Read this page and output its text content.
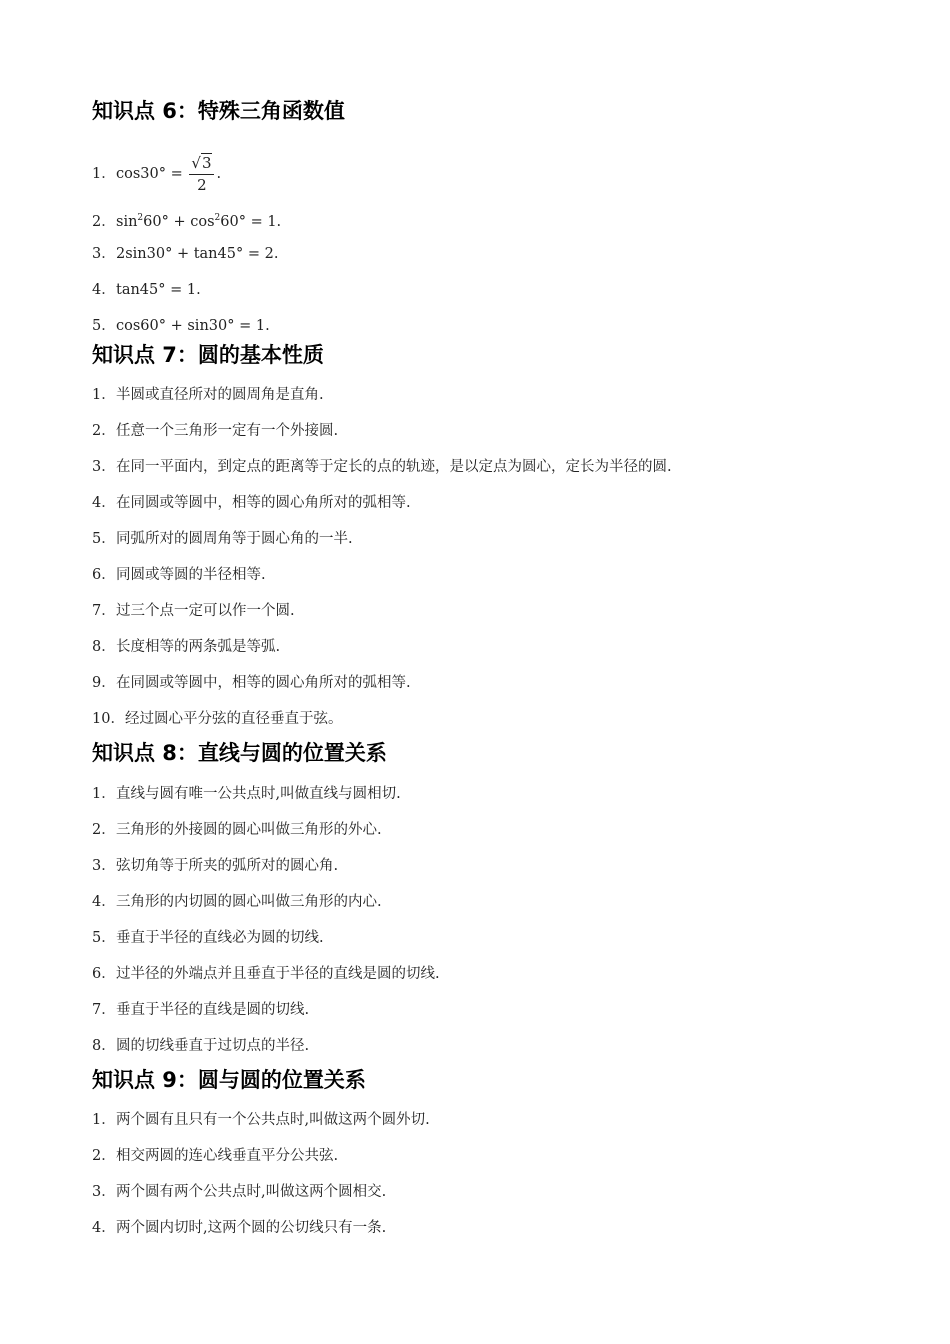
知识点 6：特殊三角函数值
1．$\cos 30^\circ = \frac{√3}{2}$ .
2．$\sin^260^\circ + \cos^260^\circ = 1$.
3．2sin30° + tan45° = 2.
4．tan45° = 1.
5．cos60° + sin30° = 1.
知识点 7：圆的基本性质
1．半圆或直径所对的圆周角是直角.
2．任意一个三角形一定有一个外接圆.
3．在同一平面内，到定点的距离等于定长的点的轨迹，是以定点为圆心，定长为半径的圆.
4．在同圆或等圆中，相等的圆心角所对的弧相等.
5．同弧所对的圆周角等于圆心角的一半.
6．同圆或等圆的半径相等.
7．过三个点一定可以作一个圆.
8．长度相等的两条弧是等弧.
9．在同圆或等圆中，相等的圆心角所对的弧相等.
10．经过圆心平分弦的直径垂直于弦。
知识点 8：直线与圆的位置关系
1．直线与圆有唯一公共点时,叫做直线与圆相切.
2．三角形的外接圆的圆心叫做三角形的外心.
3．弦切角等于所夹的弧所对的圆心角.
4．三角形的内切圆的圆心叫做三角形的内心.
5．垂直于半径的直线必为圆的切线.
6．过半径的外端点并且垂直于半径的直线是圆的切线.
7．垂直于半径的直线是圆的切线.
8．圆的切线垂直于过切点的半径.
知识点 9：圆与圆的位置关系
1．两个圆有且只有一个公共点时,叫做这两个圆外切.
2．相交两圆的连心线垂直平分公共弦.
3．两个圆有两个公共点时,叫做这两个圆相交.
4．两个圆内切时,这两个圆的公切线只有一条.
